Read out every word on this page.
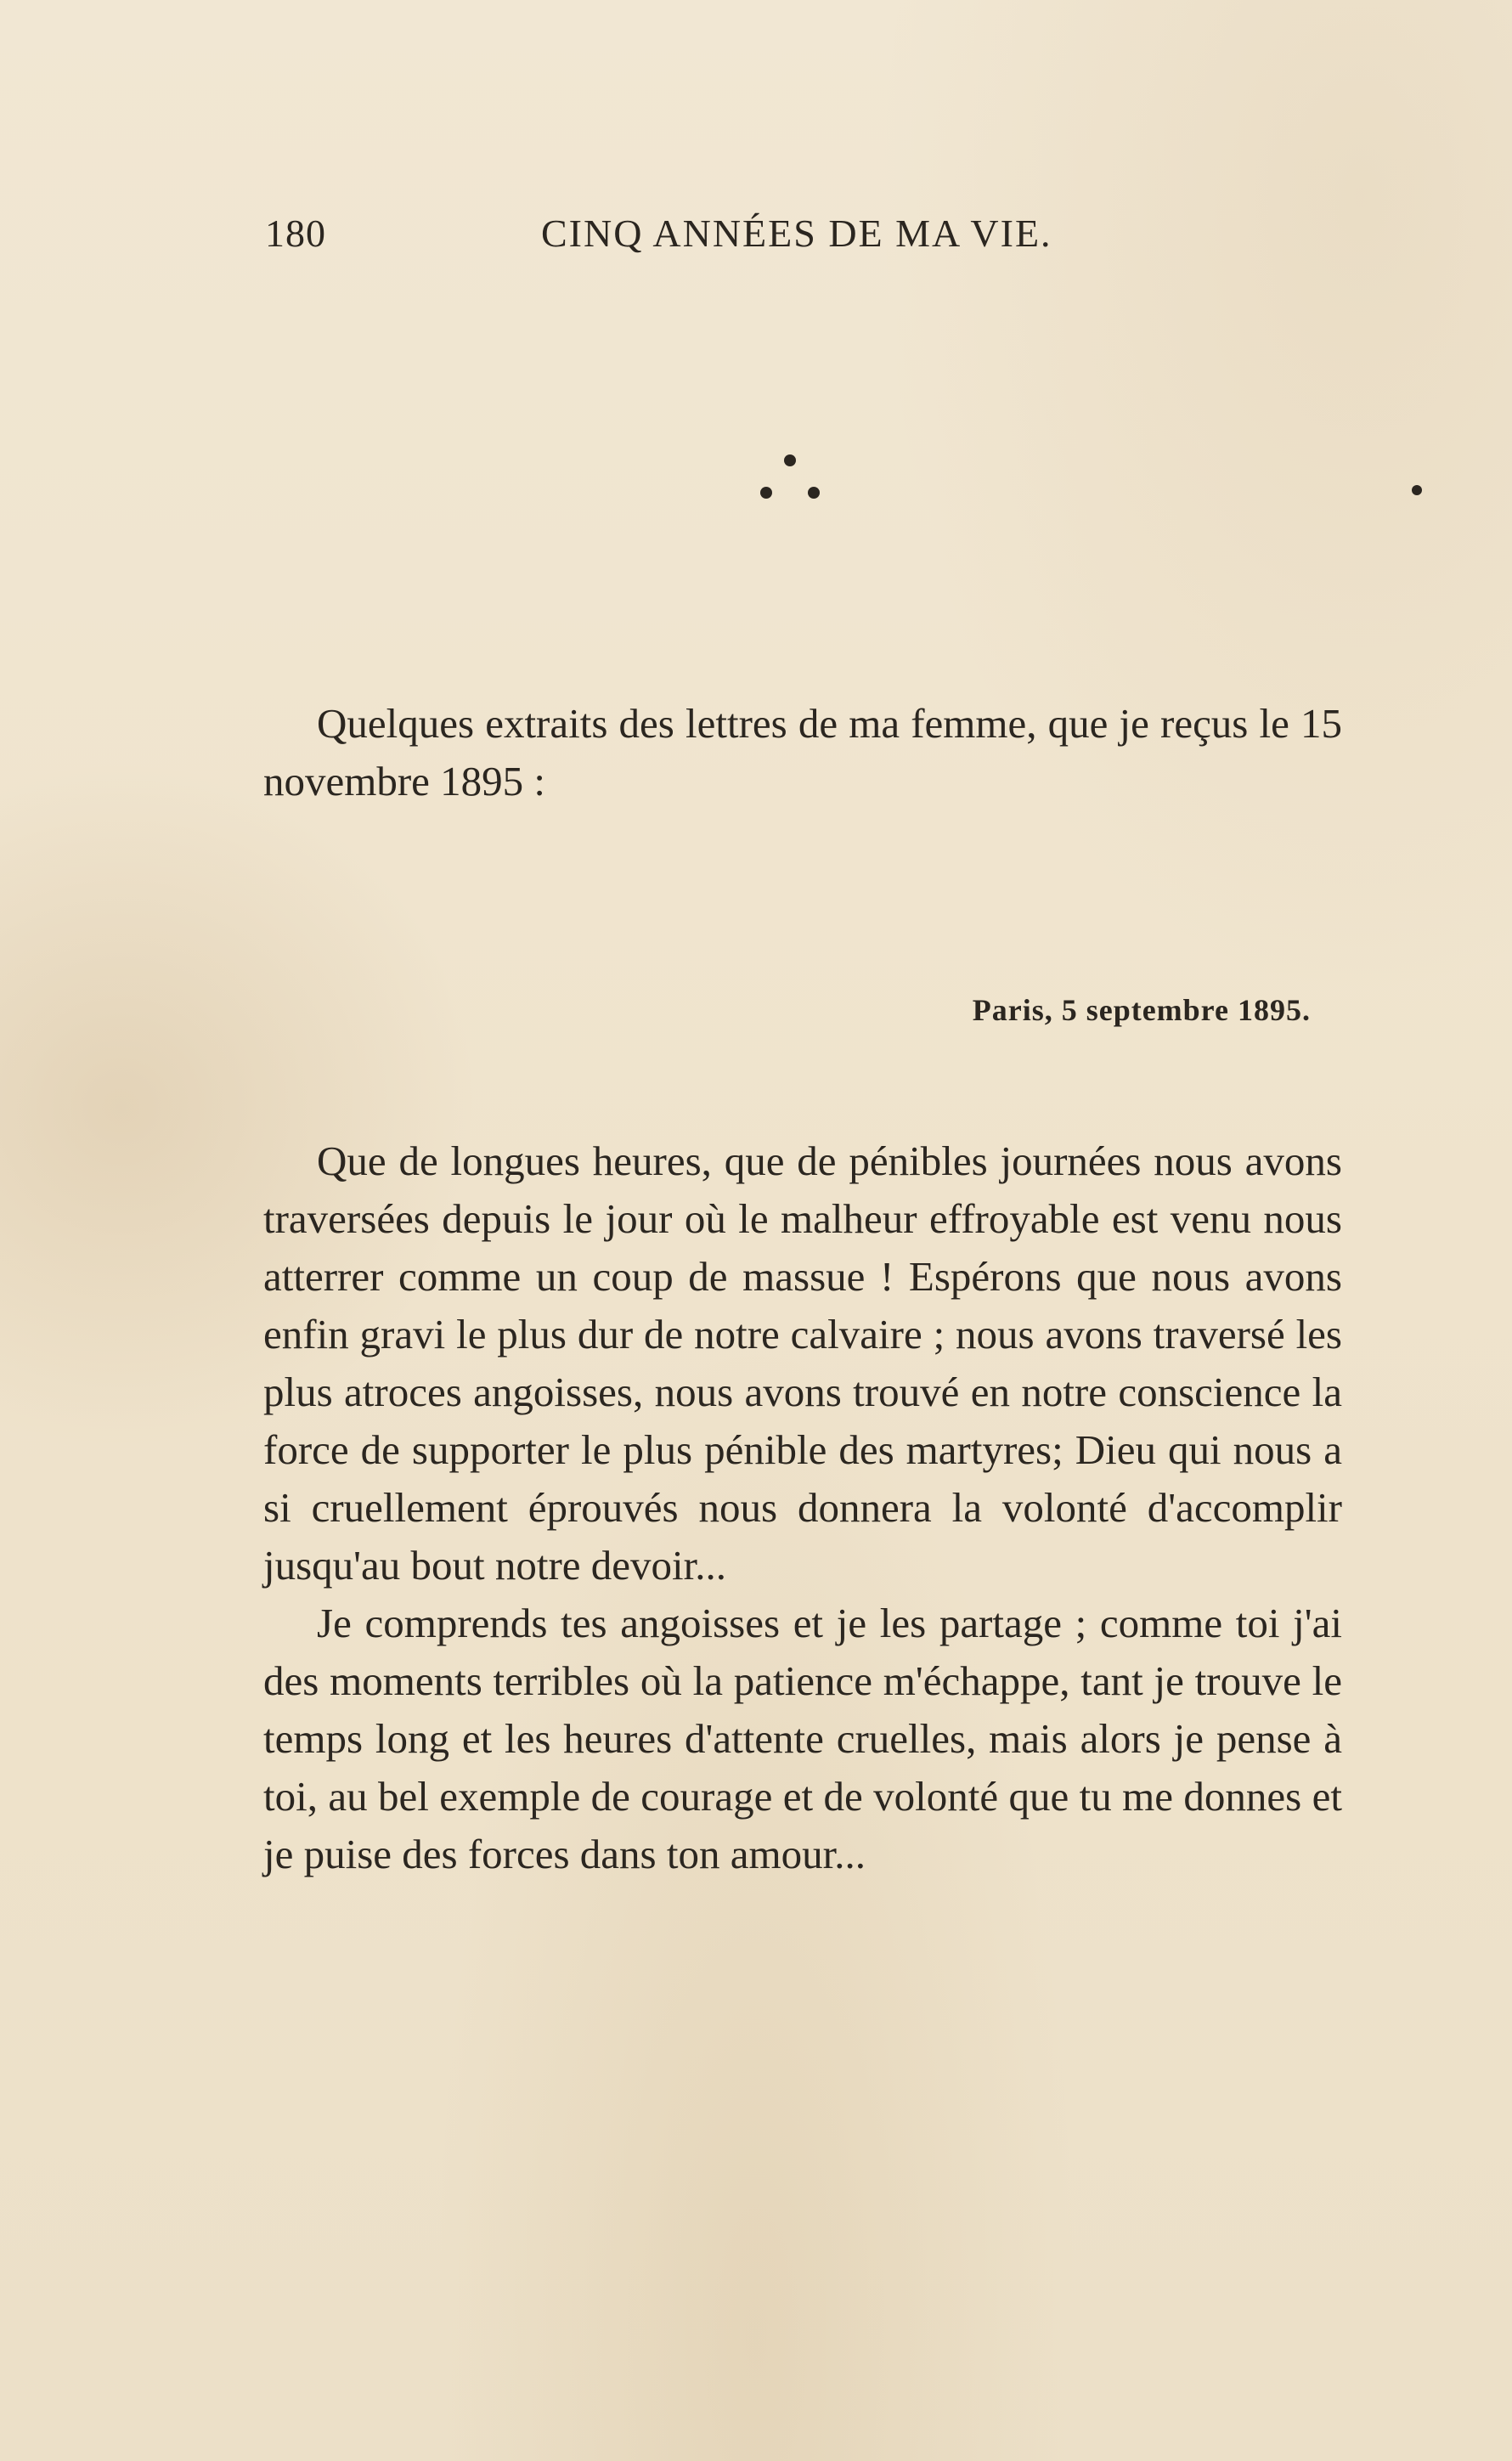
180	CINQ ANNÉES DE MA VIE.
Quelques extraits des lettres de ma femme, que je reçus le 15 novembre 1895 :
Paris, 5 septembre 1895.

Que de longues heures, que de pénibles journées nous avons traversées depuis le jour où le malheur effroyable est venu nous atterrer comme un coup de massue ! Espérons que nous avons enfin gravi le plus dur de notre calvaire ; nous avons traversé les plus atroces angoisses, nous avons trouvé en notre conscience la force de supporter le plus pénible des martyres; Dieu qui nous a si cruellement éprouvés nous donnera la volonté d'accomplir jusqu'au bout notre devoir...

Je comprends tes angoisses et je les partage ; comme toi j'ai des moments terribles où la patience m'échappe, tant je trouve le temps long et les heures d'attente cruelles, mais alors je pense à toi, au bel exemple de courage et de volonté que tu me donnes et je puise des forces dans ton amour...
